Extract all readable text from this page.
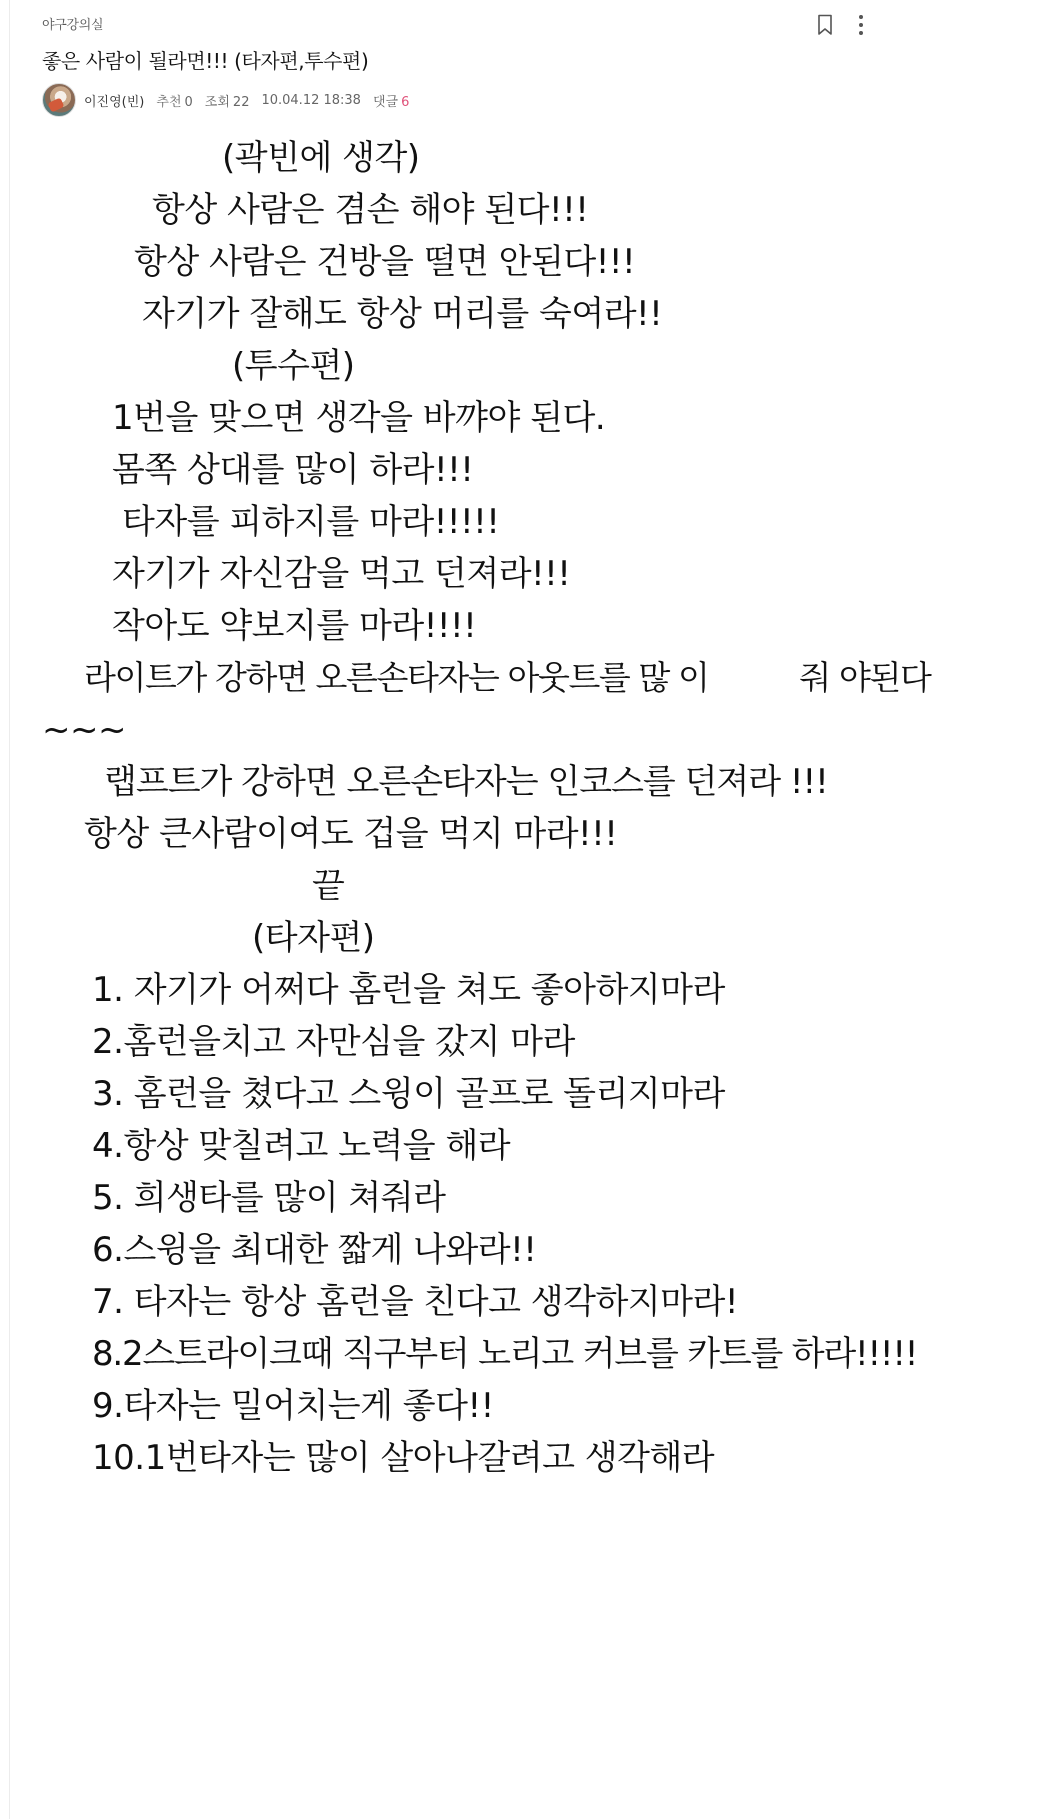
야구강의실
좋은 사람이 될라면!!! (타자편,투수편)
이진영(빈) 추천 0 조회 22 10.04.12 18:38 댓글 6
(곽빈에 생각)
항상 사람은 겸손 해야 된다!!!
항상 사람은 건방을 떨면 안된다!!!
자기가 잘해도 항상 머리를 숙여라!!
(투수편)
1번을 맞으면 생각을 바꺄야 된다.
몸쪽 상대를 많이 하라!!!
타자를 피하지를 마라!!!!!
자기가 자신감을 먹고 던져라!!!
작아도 약보지를 마라!!!!
라이트가 강하면 오른손타자는 아웃트를 많 이          줘 야된다
~~~
랩프트가 강하면 오른손타자는 인코스를 던져라 !!!
항상 큰사람이여도 겁을 먹지 마라!!!
끝
(타자편)
1. 자기가 어쩌다 홈런을 쳐도 좋아하지마라
2.홈런을치고 자만심을 갔지 마라
3. 홈런을 쳤다고 스윙이 골프로 돌리지마라
4.항상 맞칠려고 노력을 해라
5. 희생타를 많이 쳐줘라
6.스윙을 최대한 짧게 나와라!!
7. 타자는 항상 홈런을 친다고 생각하지마라!
8.2스트라이크때 직구부터 노리고 커브를 카트를 하라!!!!!
9.타자는 밀어치는게 좋다!!
10.1번타자는 많이 살아나갈려고 생각해라
